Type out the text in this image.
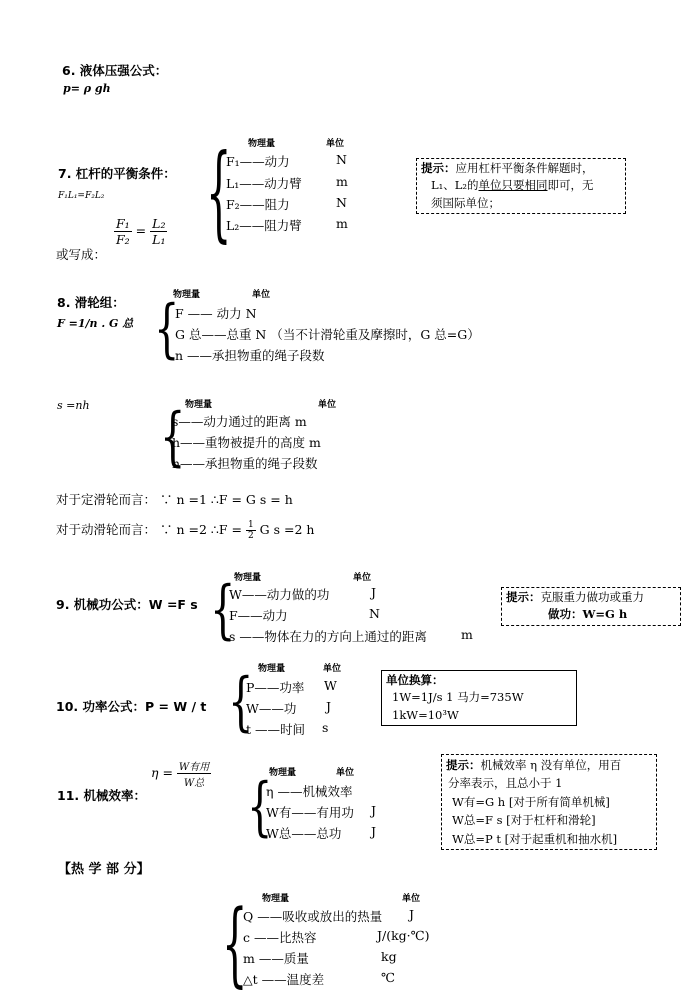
6. 液体压强公式：
p= ρ gh
物理量	单位
7. 杠杆的平衡条件：
F₁L₁=F₂L₂
或写成：
$\frac{\text{F₁}}{\text{F₂}} = \frac{\text{L₂}}{\text{L₁}}$ {
F₁——动力	N
L₁——动力臂	m
F₂——阻力	N
L₂——阻力臂	m
提示：应用杠杆平衡条件解题时，
L₁、L₂的单位只要相同即可，无
须国际单位；
物理量	单位
8. 滑轮组：
F =1/n . G 总 {
F —— 动力 N
G 总——总重 N （当不计滑轮重及摩擦时，G 总=G）
n ——承担物重的绳子段数
物理量	单位
s =nh {
s——动力通过的距离 m
h——重物被提升的高度 m
n——承担物重的绳子段数
对于定滑轮而言： ∵ n =1 ∴F = G s = h
对于动滑轮而言： ∵ n =2 ∴F = $\frac{1}{2}$ G s =2 h
物理量	单位
9. 机械功公式：W =F s {
W——动力做的功	J
F——动力	N
s ——物体在力的方向上通过的距离	m
提示：克服重力做功或重力
做功：W=G h
物理量	单位
10. 功率公式：P = W / t {
P——功率 W
W——功 J
t ——时间 s
单位换算：
1W=1J/s 1 马力=735W
1kW=10³W
$\eta = \frac{\text{W有用}}{\text{W总}}$	物理量	单位
11. 机械效率：	{
η ——机械效率
W有——有用功 J
W总——总功 J
提示：机械效率 η 没有单位，用百
分率表示，且总小于 1
W有=G h [对于所有简单机械]
W总=F s [对于杠杆和滑轮]
W总=P t [对于起重机和抽水机]
【热 学 部 分】
物理量	单位
{
Q ——吸收或放出的热量 J
c ——比热容	J/(kg·℃)
m ——质量	kg
△t ——温度差	℃
